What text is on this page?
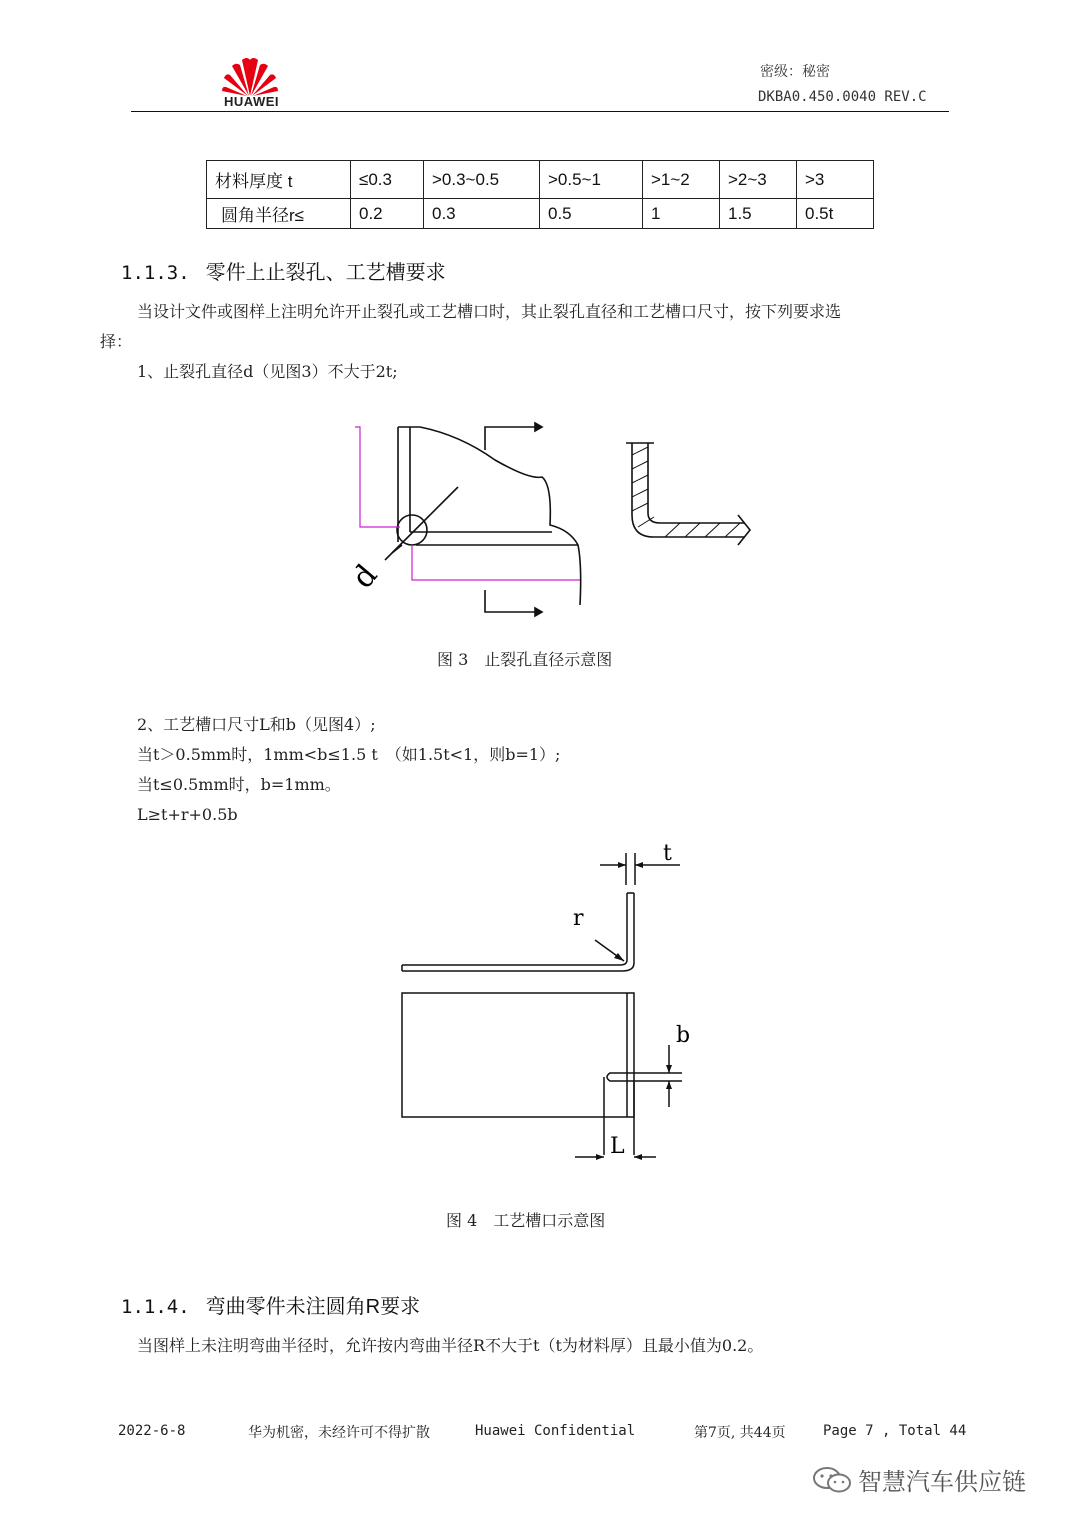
HUAWEI
密级：秘密
DKBA0.450.0040 REV.C
材料厚度 t	≤0.3	>0.3~0.5	>0.5~1	>1~2	>2~3	>3
圆角半径r≤	0.2	0.3	0.5	1	1.5	0.5t
1.1.3. 零件上止裂孔、工艺槽要求
当设计文件或图样上注明允许开止裂孔或工艺槽口时，其止裂孔直径和工艺槽口尺寸，按下列要求选
择：
1、止裂孔直径d（见图3）不大于2t;
d
图 3　止裂孔直径示意图
2、工艺槽口尺寸L和b（见图4）;
当t＞0.5mm时，1mm<b≤1.5 t　（如1.5t<1，则b=1）;
当t≤0.5mm时，b=1mm。
L≥t+r+0.5b
t
r
b
L
图 4　工艺槽口示意图
1.1.4. 弯曲零件未注圆角R要求
当图样上未注明弯曲半径时，允许按内弯曲半径R不大于t（t为材料厚）且最小值为0.2。
2022-6-8	华为机密，未经许可不得扩散	Huawei Confidential	第7页, 共44页	Page 7 , Total 44
智慧汽车供应链
